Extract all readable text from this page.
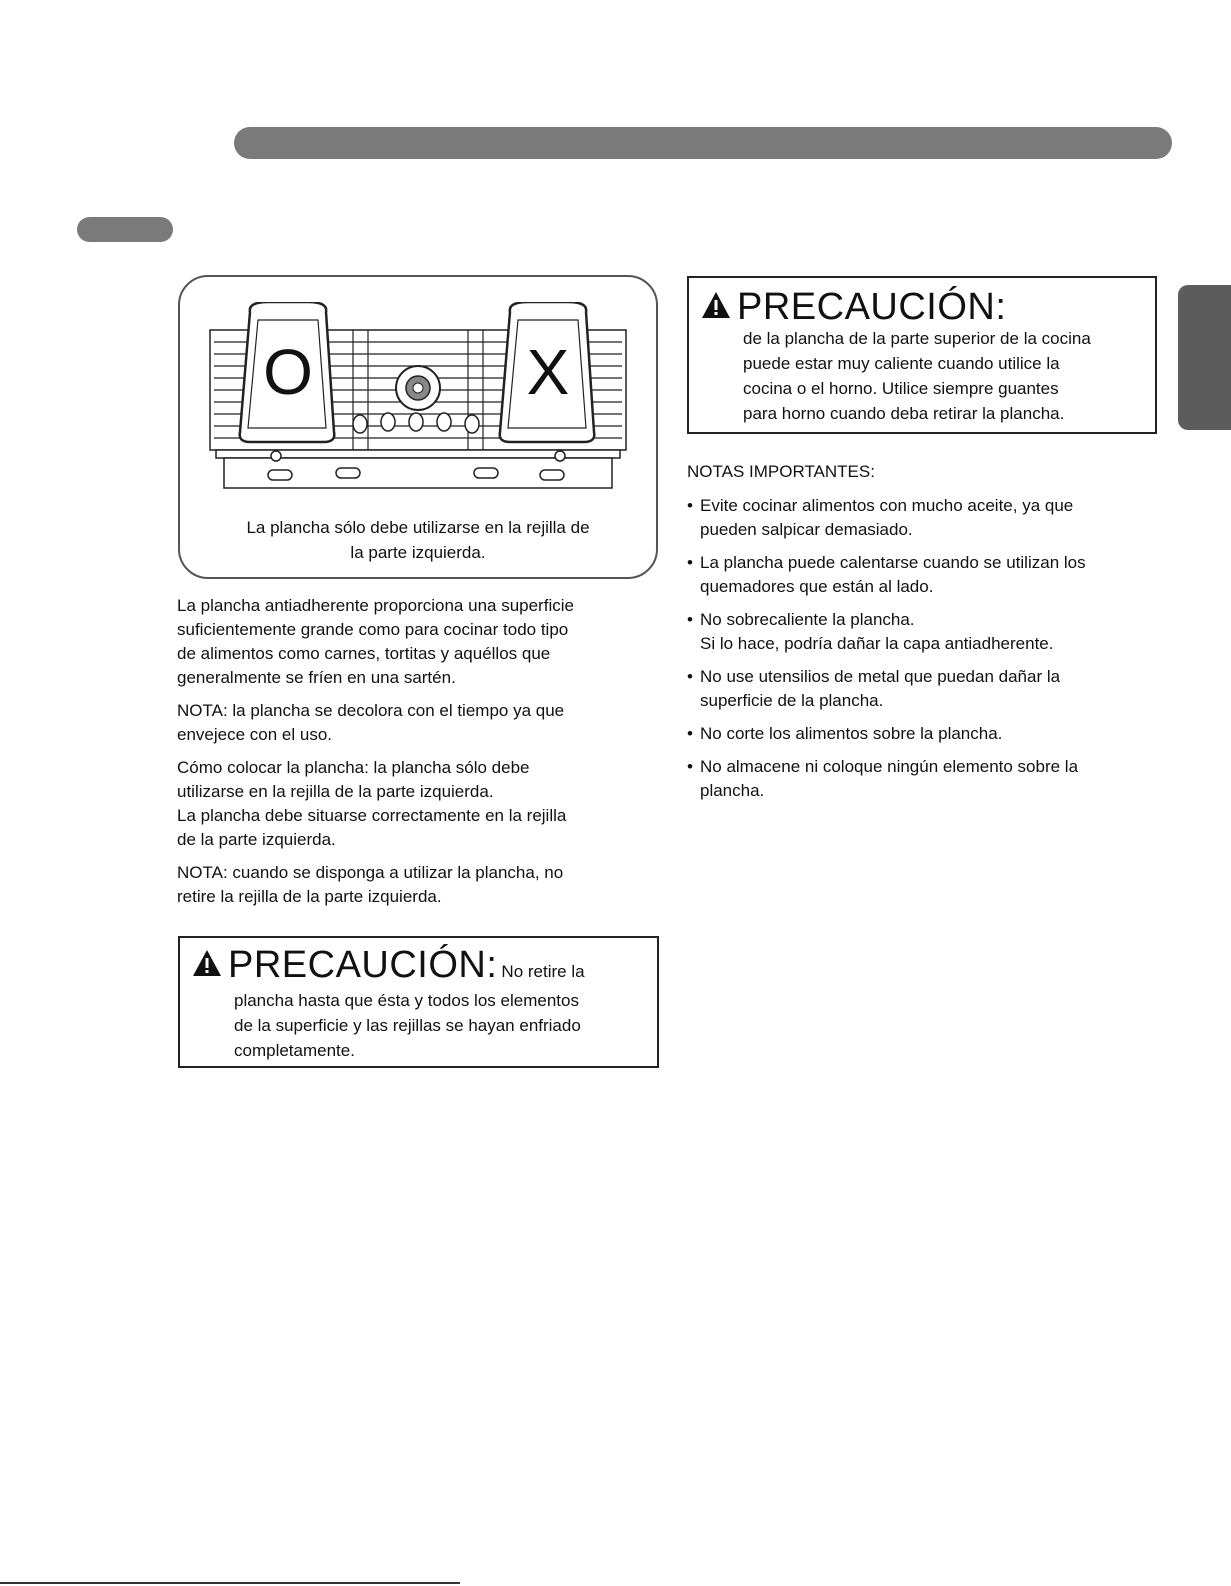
O	X
La plancha sólo debe utilizarse en la rejilla de
la parte izquierda.

La plancha antiadherente proporciona una superficie
suficientemente grande como para cocinar todo tipo
de alimentos como carnes, tortitas y aquéllos que
generalmente se fríen en una sartén.

NOTA: la plancha se decolora con el tiempo ya que
envejece con el uso.

Cómo colocar la plancha: la plancha sólo debe
utilizarse en la rejilla de la parte izquierda.
La plancha debe situarse correctamente en la rejilla
de la parte izquierda.

NOTA: cuando se disponga a utilizar la plancha, no
retire la rejilla de la parte izquierda.

PRECAUCIÓN: No retire la
plancha hasta que ésta y todos los elementos
de la superficie y las rejillas se hayan enfriado
completamente.
PRECAUCIÓN:
de la plancha de la parte superior de la cocina
puede estar muy caliente cuando utilice la
cocina o el horno. Utilice siempre guantes
para horno cuando deba retirar la plancha.
NOTAS IMPORTANTES:
• Evite cocinar alimentos con mucho aceite, ya que
pueden salpicar demasiado.
• La plancha puede calentarse cuando se utilizan los
quemadores que están al lado.
• No sobrecaliente la plancha.
Si lo hace, podría dañar la capa antiadherente.
• No use utensilios de metal que puedan dañar la
superficie de la plancha.
• No corte los alimentos sobre la plancha.
• No almacene ni coloque ningún elemento sobre la
plancha.
